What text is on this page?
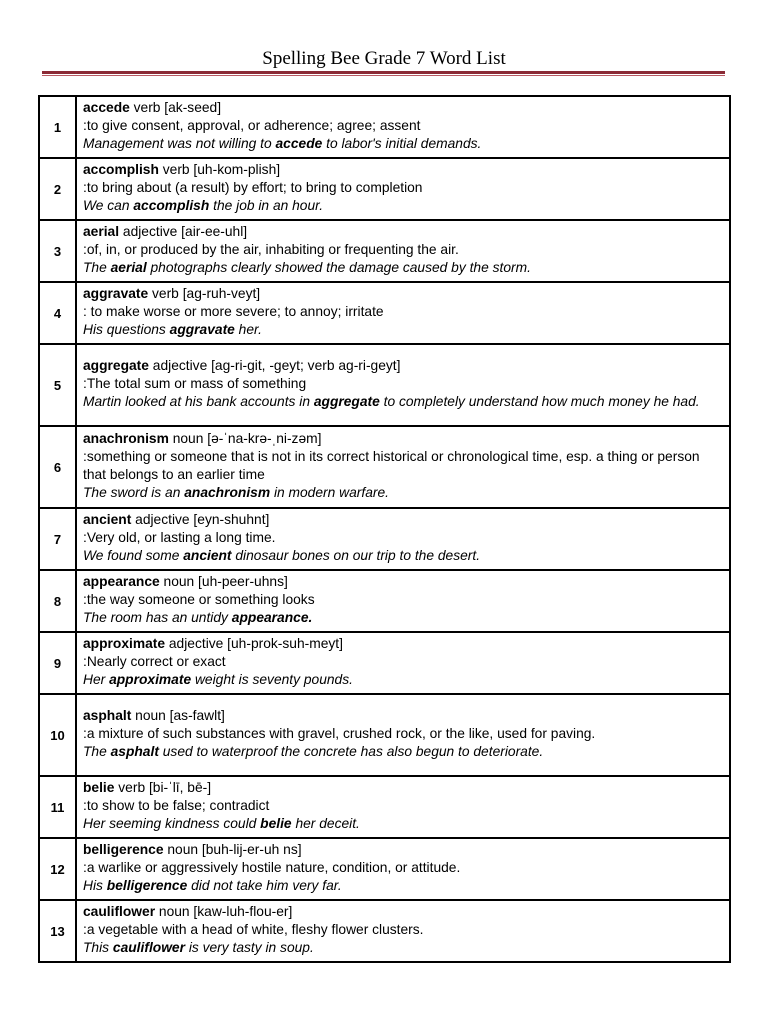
Spelling Bee Grade 7 Word List
1	accede verb [ak-seed]
:to give consent, approval, or adherence; agree; assent
Management was not willing to accede to labor's initial demands.

2	accomplish verb [uh-kom-plish]
:to bring about (a result) by effort; to bring to completion
We can accomplish the job in an hour.

3	aerial adjective [air-ee-uhl]
:of, in, or produced by the air, inhabiting or frequenting the air.
The aerial photographs clearly showed the damage caused by the storm.

4	aggravate verb [ag-ruh-veyt]
: to make worse or more severe; to annoy; irritate
His questions aggravate her.

5	aggregate adjective [ag-ri-git, -geyt; verb ag-ri-geyt]
:The total sum or mass of something
Martin looked at his bank accounts in aggregate to completely understand how much money he had.

6	anachronism noun [ə-ˈna-krə-ˌni-zəm]
:something or someone that is not in its correct historical or chronological time, esp. a thing or person that belongs to an earlier time
The sword is an anachronism in modern warfare.

7	ancient adjective [eyn-shuhnt]
:Very old, or lasting a long time.
We found some ancient dinosaur bones on our trip to the desert.

8	appearance noun [uh-peer-uhns]
:the way someone or something looks
The room has an untidy appearance.

9	approximate adjective [uh-prok-suh-meyt]
:Nearly correct or exact
Her approximate weight is seventy pounds.

10	asphalt noun [as-fawlt]
:a mixture of such substances with gravel, crushed rock, or the like, used for paving.
The asphalt used to waterproof the concrete has also begun to deteriorate.

11	belie verb [bi-ˈlī, bē-]
:to show to be false; contradict
Her seeming kindness could belie her deceit.

12	belligerence noun [buh-lij-er-uh ns]
:a warlike or aggressively hostile nature, condition, or attitude.
His belligerence did not take him very far.

13	cauliflower noun [kaw-luh-flou-er]
:a vegetable with a head of white, fleshy flower clusters.
This cauliflower is very tasty in soup.
